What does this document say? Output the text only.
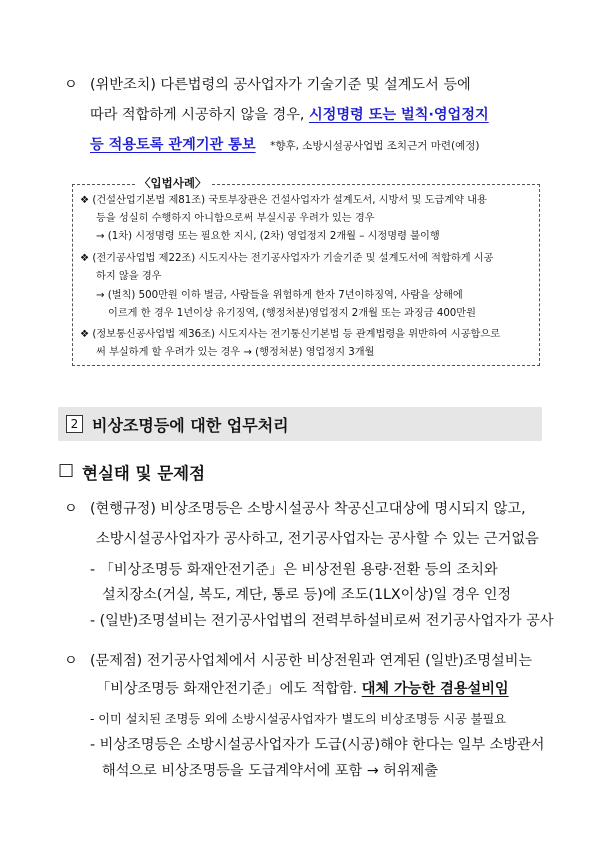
ㅇ (위반조치) 다른법령의 공사업자가 기술기준 및 설계도서 등에
따라 적합하게 시공하지 않을 경우, 시정명령 또는 벌칙·영업정지
등 적용토록 관계기관 통보 *향후, 소방시설공사업법 조치근거 마련(예정)
〈입법사례〉
❖ (건설산업기본법 제81조) 국토부장관은 건설사업자가 설계도서, 시방서 및 도급계약 내용
등을 성실히 수행하지 아니함으로써 부실시공 우려가 있는 경우
→ (1차) 시정명령 또는 필요한 지시, (2차) 영업정지 2개월 – 시정명령 불이행
❖ (전기공사업법 제22조) 시도지사는 전기공사업자가 기술기준 및 설계도서에 적합하게 시공
하지 않을 경우
→ (벌칙) 500만원 이하 벌금, 사람들을 위험하게 한자 7년이하징역, 사람을 상해에
이르게 한 경우 1년이상 유기징역, (행정처분)영업정지 2개월 또는 과징금 400만원
❖ (정보통신공사업법 제36조) 시도지사는 전기통신기본법 등 관계법령을 위반하여 시공함으로
써 부실하게 할 우려가 있는 경우 → (행정처분) 영업정지 3개월
2 비상조명등에 대한 업무처리
□ 현실태 및 문제점
ㅇ (현행규정) 비상조명등은 소방시설공사 착공신고대상에 명시되지 않고,
소방시설공사업자가 공사하고, 전기공사업자는 공사할 수 있는 근거없음
- 「비상조명등 화재안전기준」은 비상전원 용량·전환 등의 조치와
설치장소(거실, 복도, 계단, 통로 등)에 조도(1LX이상)일 경우 인정
- (일반)조명설비는 전기공사업법의 전력부하설비로써 전기공사업자가 공사
ㅇ (문제점) 전기공사업체에서 시공한 비상전원과 연계된 (일반)조명설비는
「비상조명등 화재안전기준」에도 적합함. 대체 가능한 겸용설비임
- 이미 설치된 조명등 외에 소방시설공사업자가 별도의 비상조명등 시공 불필요
- 비상조명등은 소방시설공사업자가 도급(시공)해야 한다는 일부 소방관서
해석으로 비상조명등을 도급계약서에 포함 → 허위제출
